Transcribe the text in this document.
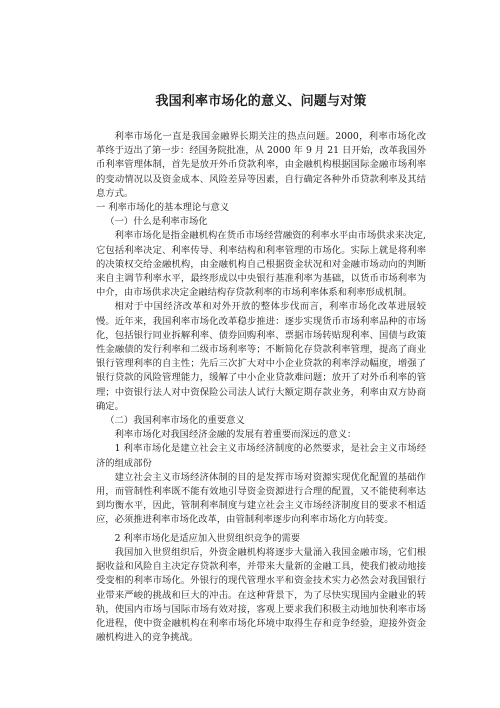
我国利率市场化的意义、问题与对策

利率市场化一直是我国金融界长期关注的热点问题。2000，利率市场化改革终于迈出了第一步：经国务院批准，从 2000 年 9 月 21 日开始，改革我国外币利率管理体制，首先是放开外币贷款利率，由金融机构根据国际金融市场利率的变动情况以及资金成本、风险差异等因素，自行确定各种外币贷款利率及其结息方式。

一 利率市场化的基本理论与意义

（一）什么是利率市场化

利率市场化是指金融机构在货币市场经营融资的利率水平由市场供求来决定,它包括利率决定、利率传导、利率结构和利率管理的市场化。实际上就是将利率的决策权交给金融机构，由金融机构自己根据资金状况和对金融市场动向的判断来自主调节利率水平，最终形成以中央银行基准利率为基础，以货币市场利率为中介，由市场供求决定金融结构存贷款利率的市场利率体系和利率形成机制。

相对于中国经济改革和对外开放的整体步伐而言，利率市场化改革进展较慢。近年来，我国利率市场化改革稳步推进：逐步实现货币市场利率品种的市场化，包括银行同业拆解利率、债券回购利率、票据市场转贴现利率、国债与政策性金融债的发行利率和二级市场利率等；不断简化存贷款利率管理，提高了商业银行管理利率的自主性；先后三次扩大对中小企业贷款的利率浮动幅度，增强了银行贷款的风险管理能力，缓解了中小企业贷款难问题；放开了对外币利率的管理；中资银行法人对中资保险公司法人试行大额定期存款业务，利率由双方协商确定。

（二）我国利率市场化的重要意义

利率市场化对我国经济金融的发展有着重要而深远的意义：

1 利率市场化是建立社会主义市场经济制度的必然要求，是社会主义市场经济的组成部份

建立社会主义市场经济体制的目的是发挥市场对资源实现优化配置的基础作用，而管制性利率既不能有效地引导资金资源进行合理的配置，又不能使利率达到均衡水平，因此，管制利率制度与建立社会主义市场经济制度目的要求不相适应，必须推进利率市场化改革，由管制利率逐步向利率市场化方向转变。

2 利率市场化是适应加入世贸组织竞争的需要

我国加入世贸组织后，外资金融机构将逐步大量涌入我国金融市场，它们根据收益和风险自主决定存贷款利率，并带来大量新的金融工具，使我们被动地接受变相的利率市场化。外银行的现代管理水平和资金技术实力必然会对我国银行业带来严峻的挑战和巨大的冲击。在这种背景下，为了尽快实现国内金融业的转轨，使国内市场与国际市场有效对接，客观上要求我们积极主动地加快利率市场化进程，使中资金融机构在利率市场化环境中取得生存和竞争经验，迎接外资金融机构进入的竞争挑战。
